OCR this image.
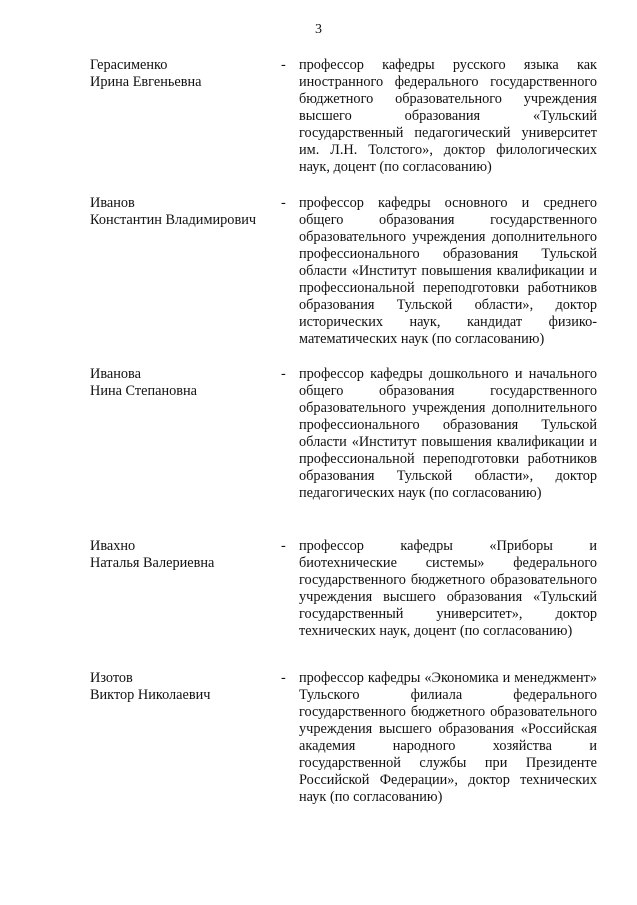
3
Герасименко
Ирина Евгеньевна
- профессор кафедры русского языка как иностранного федерального государственного бюджетного образовательного учреждения высшего образования «Тульский государственный педагогический университет им. Л.Н. Толстого», доктор филологических наук, доцент (по согласованию)
Иванов
Константин Владимирович
- профессор кафедры основного и среднего общего образования государственного образовательного учреждения дополнительного профессионального образования Тульской области «Институт повышения квалификации и профессиональной переподготовки работников образования Тульской области», доктор исторических наук, кандидат физико-математических наук (по согласованию)
Иванова
Нина Степановна
- профессор кафедры дошкольного и начального общего образования государственного образовательного учреждения дополнительного профессионального образования Тульской области «Институт повышения квалификации и профессиональной переподготовки работников образования Тульской области», доктор педагогических наук (по согласованию)
Ивахно
Наталья Валериевна
- профессор кафедры «Приборы и биотехнические системы» федерального государственного бюджетного образовательного учреждения высшего образования «Тульский государственный университет», доктор технических наук, доцент (по согласованию)
Изотов
Виктор Николаевич
- профессор кафедры «Экономика и менеджмент» Тульского филиала федерального государственного бюджетного образовательного учреждения высшего образования «Российская академия народного хозяйства и государственной службы при Президенте Российской Федерации», доктор технических наук (по согласованию)
